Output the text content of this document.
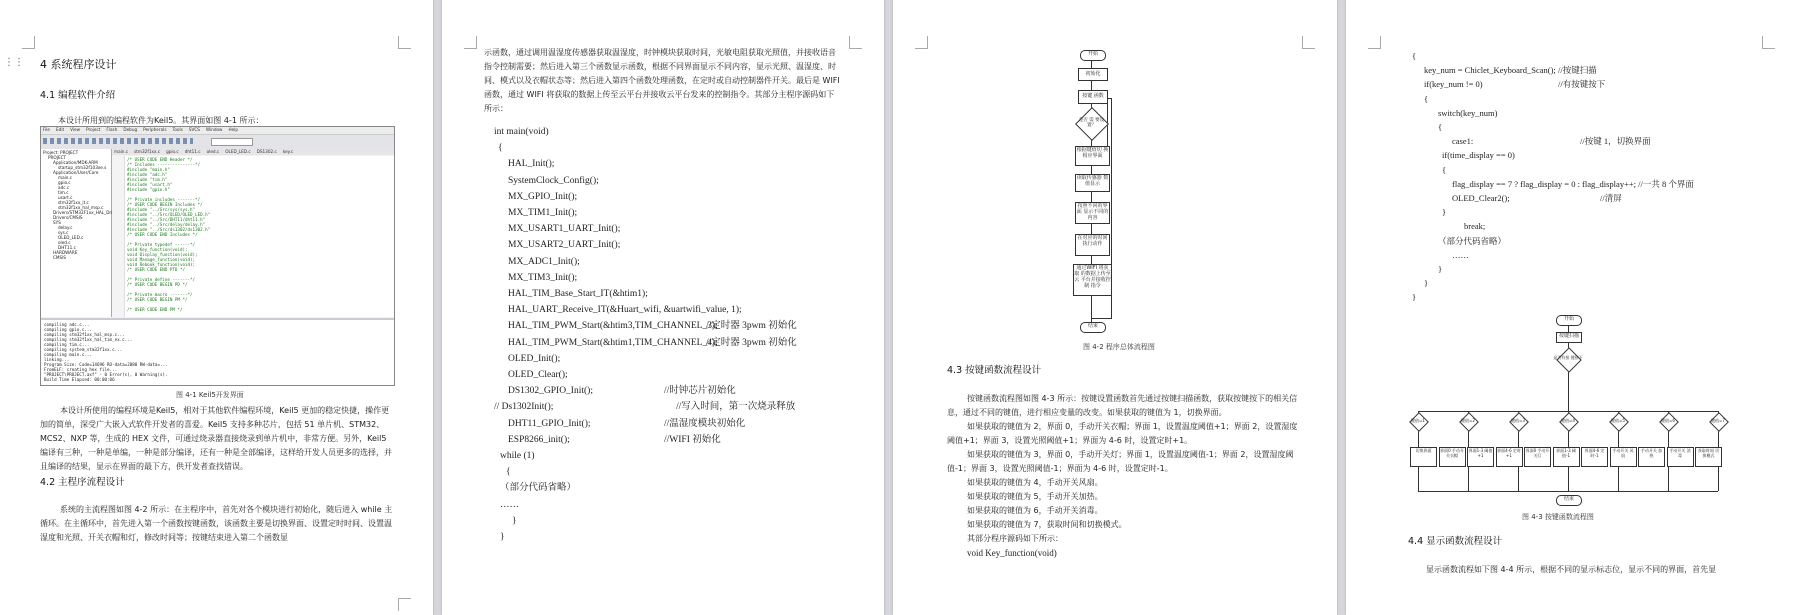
⋮⋮ 4 系统程序设计
4.1 编程软件介绍
本设计所用到的编程软件为Keil5。其界面如图 4-1 所示：
File Edit View Project Flash Debug Peripherals Tools SVCS Window Help
Project: PROJECT
PROJECT
Application/MDK-ARM
startup_stm32f103xe.s
Application/User/Core
main.c
gpio.c
adc.c
tim.c
usart.c
stm32f1xx_it.c
stm32f1xx_hal_msp.c
Drivers/STM32F1xx_HAL_Dri
Drivers/CMSIS
SYS
delay.c
sys.c
OLED_LED.c
oled.c
DHT11.c
HARDWARE
CMSIS
main.c stm32f1xx.c gpio.c dht11.c oled.c OLED_LED.c DS1302.c key.c
/* USER CODE END Header */
/* Includes ---------------*/
#include "main.h"
#include "adc.h"
#include "tim.h"
#include "usart.h"
#include "gpio.h"
/* Private includes -------*/
/* USER CODE BEGIN Includes */
#include "../Src/sys/sys.h"
#include "../Src/OLED/OLED_LED.h"
#include "../Src/DHT11/dht11.h"
#include "../Src/delay/delay.h"
#include "../Src/ds1302/ds1302.h"
/* USER CODE END Includes */
/* Private typedef ------*/
void Key_function(void);
void Display_function(void);
void Manage_function(void);
void Rebook_function(void);
/* USER CODE END PTD */
/* Private define -------*/
/* USER CODE BEGIN PD */
/* Private macro -------*/
/* USER CODE BEGIN PM */
/* USER CODE END PM */
compiling adc.c...
compiling gpio.c...
compiling stm32f1xx_hal_msp.c...
compiling stm32f1xx_hal_tim_ex.c...
compiling tim.c...
compiling system_stm32f1xx.c...
compiling main.c...
linking...
Program Size: Code=14696 RO-data=2080 RW-data=...
FromELF: creating hex file...
"PROJECT\PROJECT.axf" - 0 Error(s), 0 Warning(s).
Build Time Elapsed: 00:00:06
图 4-1 Keil5开发界面
本设计所使用的编程环境是Keil5，相对于其他软件编程环境，Keil5 更加的稳定快捷，操作更加的简单，深受广大嵌入式软件开发者的喜爱。Keil5 支持多种芯片，包括 51 单片机、STM32、MCS2、NXP 等，生成的 HEX 文件，可通过烧录器直接烧录到单片机中，非常方便。另外，Keil5 编译有三种，一种是单编，一种是部分编译，还有一种是全部编译，这样给开发人员更多的选择，并且编译的结果，显示在界面的最下方，供开发者查找错误。
4.2 主程序流程设计
系统的主流程图如图 4-2 所示：在主程序中，首先对各个模块进行初始化，随后进入 while 主循环。在主循环中，首先进入第一个函数按键函数，该函数主要是切换界面、设置定时时间、设置温湿度和光照、开关衣帽和灯，修改时间等；按键结束进入第二个函数显
示函数，通过调用温湿度传感器获取温湿度，时钟模块获取时间，光敏电阻获取光照值，并接收语音指令控制需要；然后进入第三个函数显示函数，根据不同界面显示不同内容，显示光照、温湿度、时间、模式以及衣帽状态等；然后进入第四个函数处理函数，在定时或自动控制器件开关。最后是 WIFI 函数，通过 WIFI 将获取的数据上传至云平台并接收云平台发来的控制指令。其部分主程序源码如下所示：
int main(void)
{
HAL_Init();
SystemClock_Config();
MX_GPIO_Init();
MX_TIM1_Init();
MX_USART1_UART_Init();
MX_USART2_UART_Init();
MX_ADC1_Init();
MX_TIM3_Init();
HAL_TIM_Base_Start_IT(&htim1);
HAL_UART_Receive_IT(&Huart_wifi, &uartwifi_value, 1);
HAL_TIM_PWM_Start(&htim3,TIM_CHANNEL_3);
//定时器 3pwm 初始化
HAL_TIM_PWM_Start(&htim1,TIM_CHANNEL_4);
//定时器 3pwm 初始化
OLED_Init();
OLED_Clear();
DS1302_GPIO_Init();	//时钟芯片初始化
// Ds1302Init();	//写入时间，第一次烧录释放
DHT11_GPIO_Init();	//温湿度模块初始化
ESP8266_init();	//WIFI 初始化
while (1)
{
（部分代码省略）
……
}
}
开始
初始化
按键 函数
是否 需 要设置？
根据键值切 换相应界面
读取传感器 数值显示
按照不同的界面 显示不同的内容
在对应的时间 执行动作
通过WIFI 将获取 的数据上传至云 平台并接收控制 指令
结束
图 4-2 程序总体流程图
4.3 按键函数流程设计
按键函数流程图如图 4-3 所示：按键设置函数首先通过按键扫描函数，获取按键按下的相关信息，通过不同的键值，进行相应变量的改变。如果获取的键值为 1，切换界面。
如果获取的键值为 2，界面 0，手动开关衣帽；界面 1，设置温度阈值+1；界面 2，设置湿度阈值+1；界面 3，设置光照阈值+1；界面为 4-6 时，设置定时+1。
如果获取的键值为 3，界面 0，手动开关灯；界面 1，设置温度阈值-1；界面 2，设置湿度阈值-1；界面 3，设置光照阈值-1；界面为 4-6 时，设置定时-1。
如果获取的键值为 4，手动开关风扇。
如果获取的键值为 5，手动开关加热。
如果获取的键值为 6，手动开关消毒。
如果获取的键值为 7，获取时间和切换模式。
其部分程序源码如下所示：
void Key_function(void)
{
key_num = Chiclet_Keyboard_Scan(); //按键扫描
if(key_num != 0)	//有按键按下
{
switch(key_num)
{
case1:	//按键 1，切换界面
if(time_display == 0)
{
flag_display == 7 ? flag_display = 0 : flag_display++; //一共 8 个界面
OLED_Clear2();	//清屏
}
break;
（部分代码省略）
……
}
}
}
开始
按键扫描
是否有按 键按下
键值=1	键值=2	键值=3	键值=4	键值=5	键值=6	键值=7
切换界面	界面0 手动开关衣帽
界面1-3 阈值+1
界面4-6 定时+1
界面0 手动开关灯
界面1-3 阈值-1
界面4-6 定时-1
手动开关 风扇
手动开关 加热
手动开关 消毒
获取时间 切换模式
结束
图 4-3 按键函数流程图
4.4 显示函数流程设计
显示函数流程如下图 4-4 所示，根据不同的显示标志位，显示不同的界面，首先显
